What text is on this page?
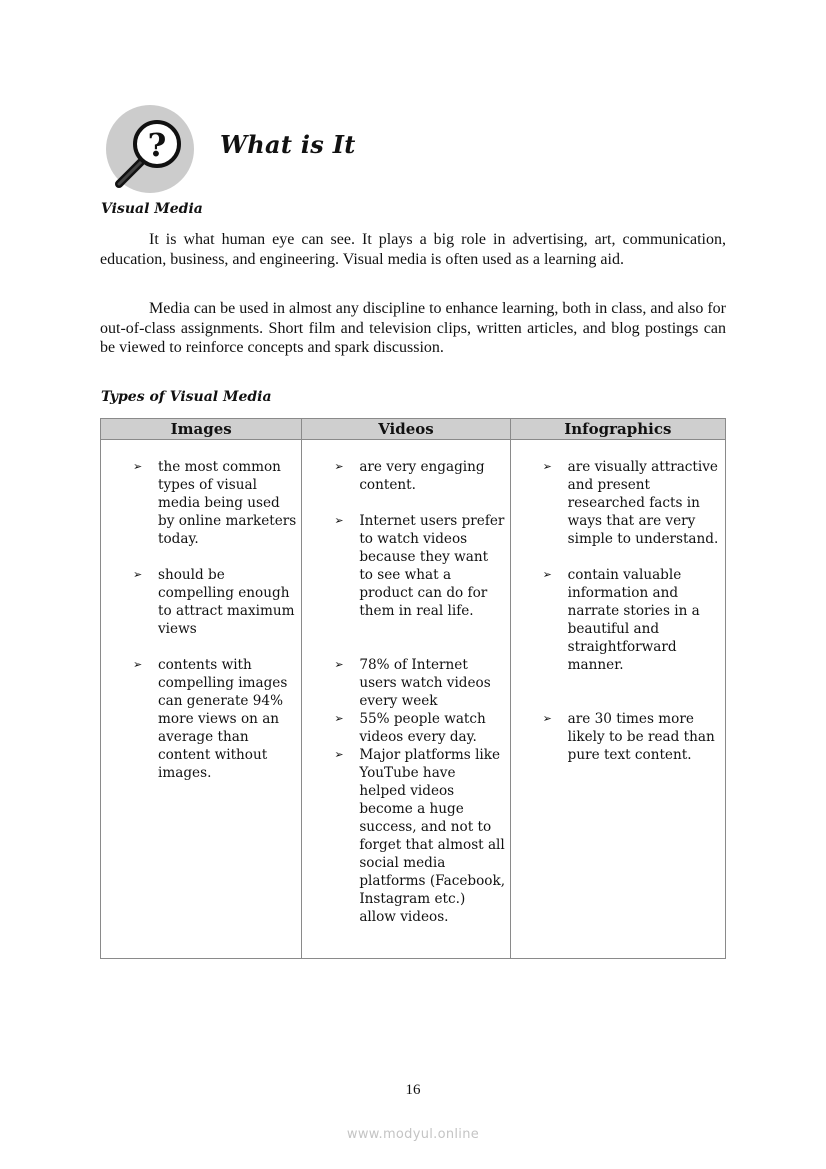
? What is It
Visual Media

It is what human eye can see. It plays a big role in advertising, art, communication, education, business, and engineering. Visual media is often used as a learning aid.

Media can be used in almost any discipline to enhance learning, both in class, and also for out-of-class assignments. Short film and television clips, written articles, and blog postings can be viewed to reinforce concepts and spark discussion.

Types of Visual Media
Images	Videos	Infographics

➢ the most common types of visual media being used by online marketers today.
➢ should be compelling enough to attract maximum views
➢ contents with compelling images can generate 94% more views on an average than content without images.

➢ are very engaging content.
➢ Internet users prefer to watch videos because they want to see what a product can do for them in real life.
➢ 78% of Internet users watch videos every week
➢ 55% people watch videos every day.
➢ Major platforms like YouTube have helped videos become a huge success, and not to forget that almost all social media platforms (Facebook, Instagram etc.) allow videos.

➢ are visually attractive and present researched facts in ways that are very simple to understand.
➢ contain valuable information and narrate stories in a beautiful and straightforward manner.
➢ are 30 times more likely to be read than pure text content.
16
www.modyul.online
